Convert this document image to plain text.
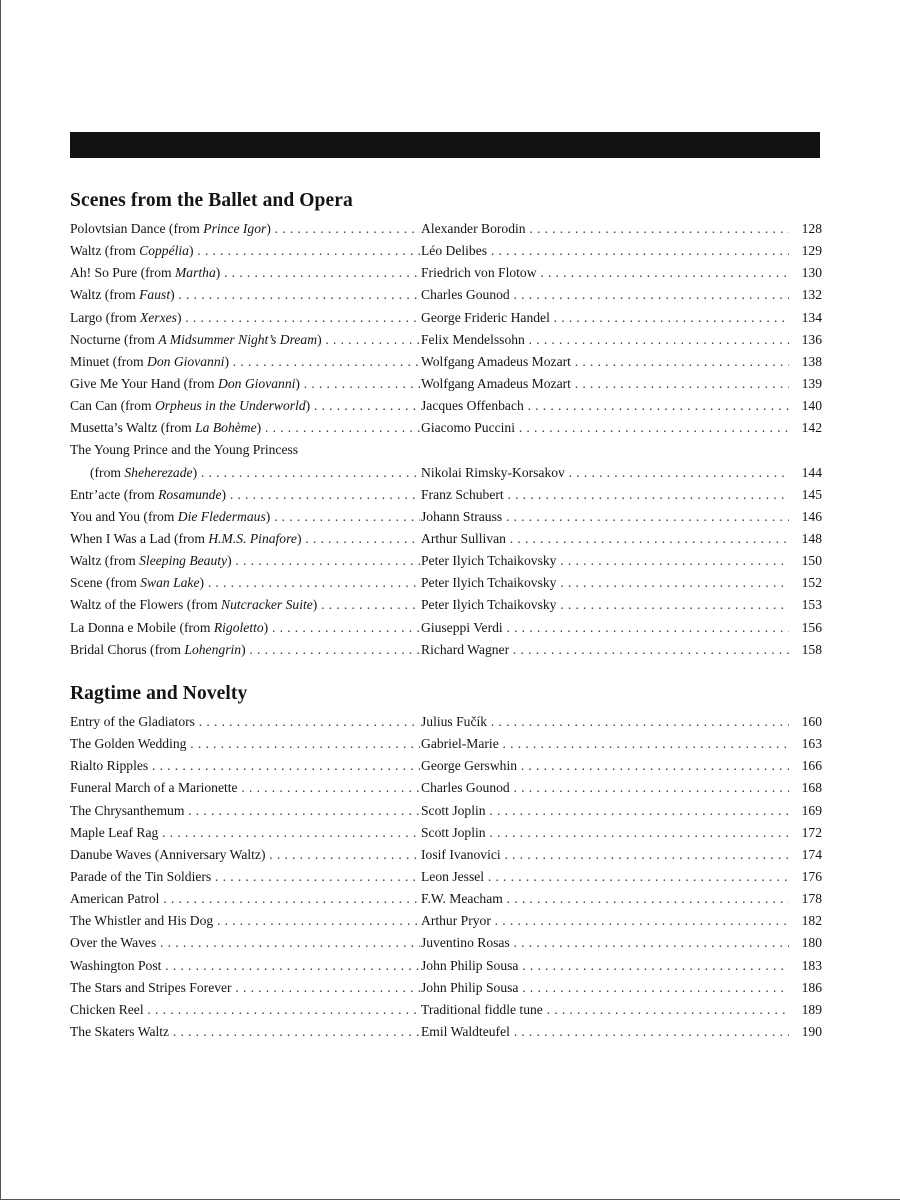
Scenes from the Ballet and Opera
Polovtsian Dance (from Prince Igor) . . .	Alexander Borodin . . .	128
Waltz (from Coppélia) . . .	Léo Delibes . . .	129
Ah! So Pure (from Martha) . . .	Friedrich von Flotow . . .	130
Waltz (from Faust) . . .	Charles Gounod . . .	132
Largo (from Xerxes) . . .	George Frideric Handel . . .	134
Nocturne (from A Midsummer Night’s Dream) . . .	Felix Mendelssohn . . .	136
Minuet (from Don Giovanni) . . .	Wolfgang Amadeus Mozart . . .	138
Give Me Your Hand (from Don Giovanni) . . .	Wolfgang Amadeus Mozart . . .	139
Can Can (from Orpheus in the Underworld) . . .	Jacques Offenbach . . .	140
Musetta’s Waltz (from La Bohème) . . .	Giacomo Puccini . . .	142
The Young Prince and the Young Princess
(from Sheherezade) . . .	Nikolai Rimsky-Korsakov . . .	144
Entr’acte (from Rosamunde) . . .	Franz Schubert . . .	145
You and You (from Die Fledermaus) . . .	Johann Strauss . . .	146
When I Was a Lad (from H.M.S. Pinafore) . . .	Arthur Sullivan . . .	148
Waltz (from Sleeping Beauty) . . .	Peter Ilyich Tchaikovsky . . .	150
Scene (from Swan Lake) . . .	Peter Ilyich Tchaikovsky . . .	152
Waltz of the Flowers (from Nutcracker Suite) . . .	Peter Ilyich Tchaikovsky . . .	153
La Donna e Mobile (from Rigoletto) . . .	Giuseppi Verdi . . .	156
Bridal Chorus (from Lohengrin) . . .	Richard Wagner . . .	158
Ragtime and Novelty
Entry of the Gladiators . . .	Julius Fučík . . .	160
The Golden Wedding . . .	Gabriel-Marie . . .	163
Rialto Ripples . . .	George Gerswhin . . .	166
Funeral March of a Marionette . . .	Charles Gounod . . .	168
The Chrysanthemum . . .	Scott Joplin . . .	169
Maple Leaf Rag . . .	Scott Joplin . . .	172
Danube Waves (Anniversary Waltz) . . .	Iosif Ivanovici . . .	174
Parade of the Tin Soldiers . . .	Leon Jessel . . .	176
American Patrol . . .	F.W. Meacham . . .	178
The Whistler and His Dog . . .	Arthur Pryor . . .	182
Over the Waves . . .	Juventino Rosas . . .	180
Washington Post . . .	John Philip Sousa . . .	183
The Stars and Stripes Forever . . .	John Philip Sousa . . .	186
Chicken Reel . . .	Traditional fiddle tune . . .	189
The Skaters Waltz . . .	Emil Waldteufel . . .	190
